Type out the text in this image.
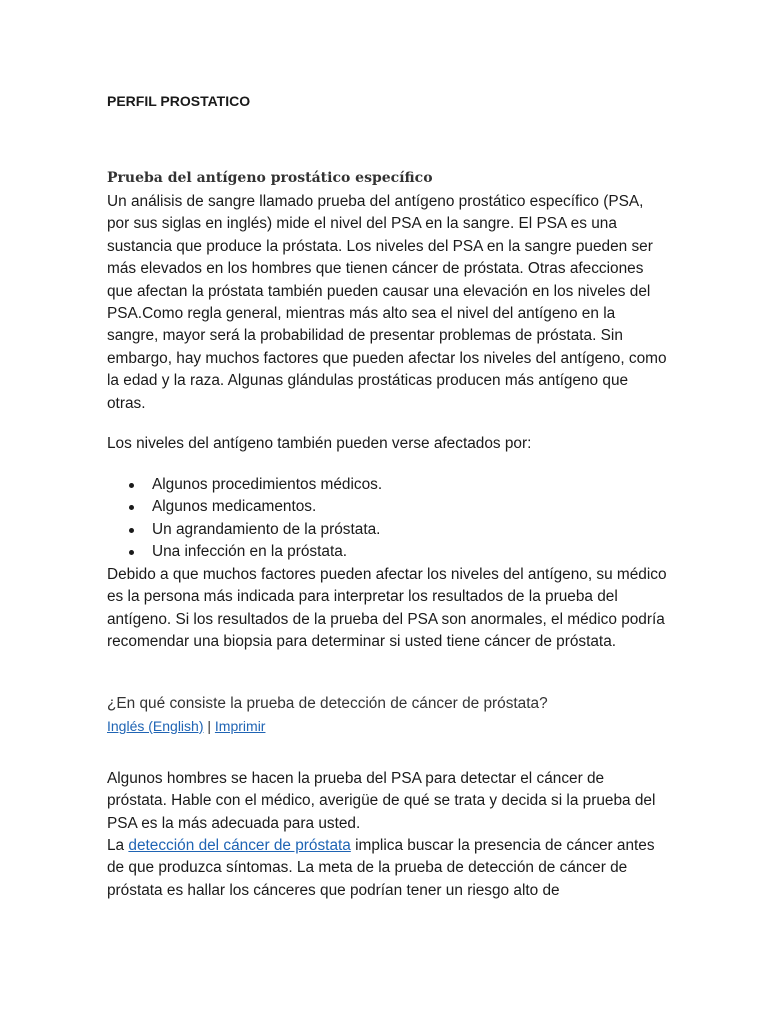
PERFIL PROSTATICO
Prueba del antígeno prostático específico

Un análisis de sangre llamado prueba del antígeno prostático específico (PSA, por sus siglas en inglés) mide el nivel del PSA en la sangre. El PSA es una sustancia que produce la próstata. Los niveles del PSA en la sangre pueden ser más elevados en los hombres que tienen cáncer de próstata. Otras afecciones que afectan la próstata también pueden causar una elevación en los niveles del PSA.Como regla general, mientras más alto sea el nivel del antígeno en la sangre, mayor será la probabilidad de presentar problemas de próstata. Sin embargo, hay muchos factores que pueden afectar los niveles del antígeno, como la edad y la raza. Algunas glándulas prostáticas producen más antígeno que otras.

Los niveles del antígeno también pueden verse afectados por:

Algunos procedimientos médicos.
Algunos medicamentos.
Un agrandamiento de la próstata.
Una infección en la próstata.

Debido a que muchos factores pueden afectar los niveles del antígeno, su médico es la persona más indicada para interpretar los resultados de la prueba del antígeno. Si los resultados de la prueba del PSA son anormales, el médico podría recomendar una biopsia para determinar si usted tiene cáncer de próstata.

¿En qué consiste la prueba de detección de cáncer de próstata?

Inglés (English) | Imprimir

Algunos hombres se hacen la prueba del PSA para detectar el cáncer de próstata. Hable con el médico, averigüe de qué se trata y decida si la prueba del PSA es la más adecuada para usted.

La detección del cáncer de próstata implica buscar la presencia de cáncer antes de que produzca síntomas. La meta de la prueba de detección de cáncer de próstata es hallar los cánceres que podrían tener un riesgo alto de
